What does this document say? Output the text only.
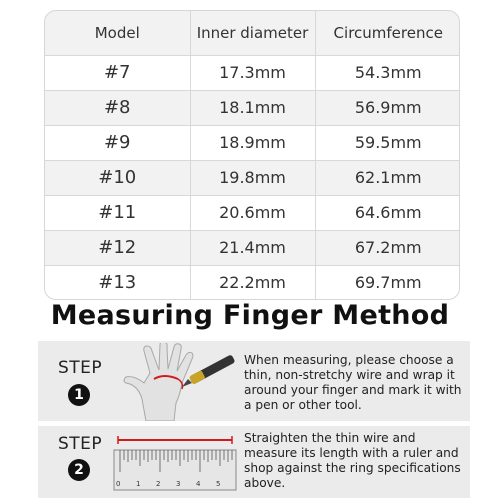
Model	Inner diameter	Circumference
#7	17.3mm	54.3mm
#8	18.1mm	56.9mm
#9	18.9mm	59.5mm
#10	19.8mm	62.1mm
#11	20.6mm	64.6mm
#12	21.4mm	67.2mm
#13	22.2mm	69.7mm
Measuring Finger Method
STEP
1
When measuring, please choose a thin, non-stretchy wire and wrap it around your finger and mark it with a pen or other tool.
STEP
2
0 1 2 3 4 5
Straighten the thin wire and measure its length with a ruler and shop against the ring specifications above.
